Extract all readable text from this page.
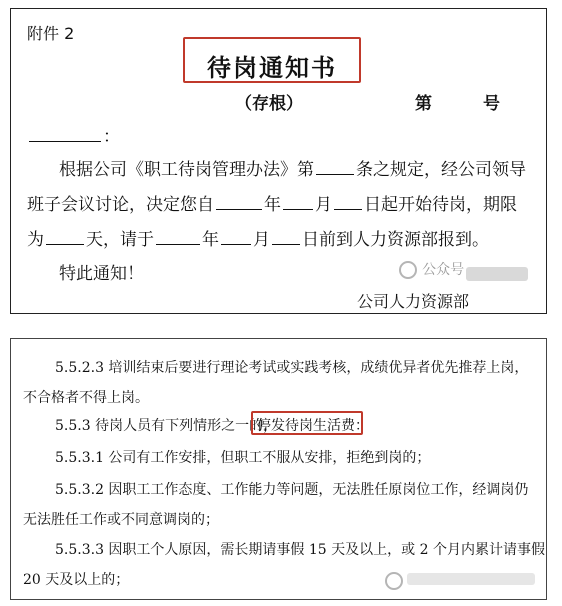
附件 2
待岗通知书
（存根）	第	号
：
根据公司《职工待岗管理办法》第 条之规定，经公司领导
班子会议讨论，决定您自	年 月 日起开始待岗，期限
为 天，请于	年 月 日前到人力资源部报到。
特此通知！	公众号
公司人力资源部
5.5.2.3 培训结束后要进行理论考试或实践考核，成绩优异者优先推荐上岗，
不合格者不得上岗。
5.5.3 待岗人员有下列情形之一的，
停发待岗生活费：
5.5.3.1 公司有工作安排，但职工不服从安排，拒绝到岗的；
5.5.3.2 因职工工作态度、工作能力等问题，无法胜任原岗位工作，经调岗仍
无法胜任工作或不同意调岗的；
5.5.3.3 因职工个人原因，需长期请事假 15 天及以上，或 2 个月内累计请事假
20 天及以上的；
